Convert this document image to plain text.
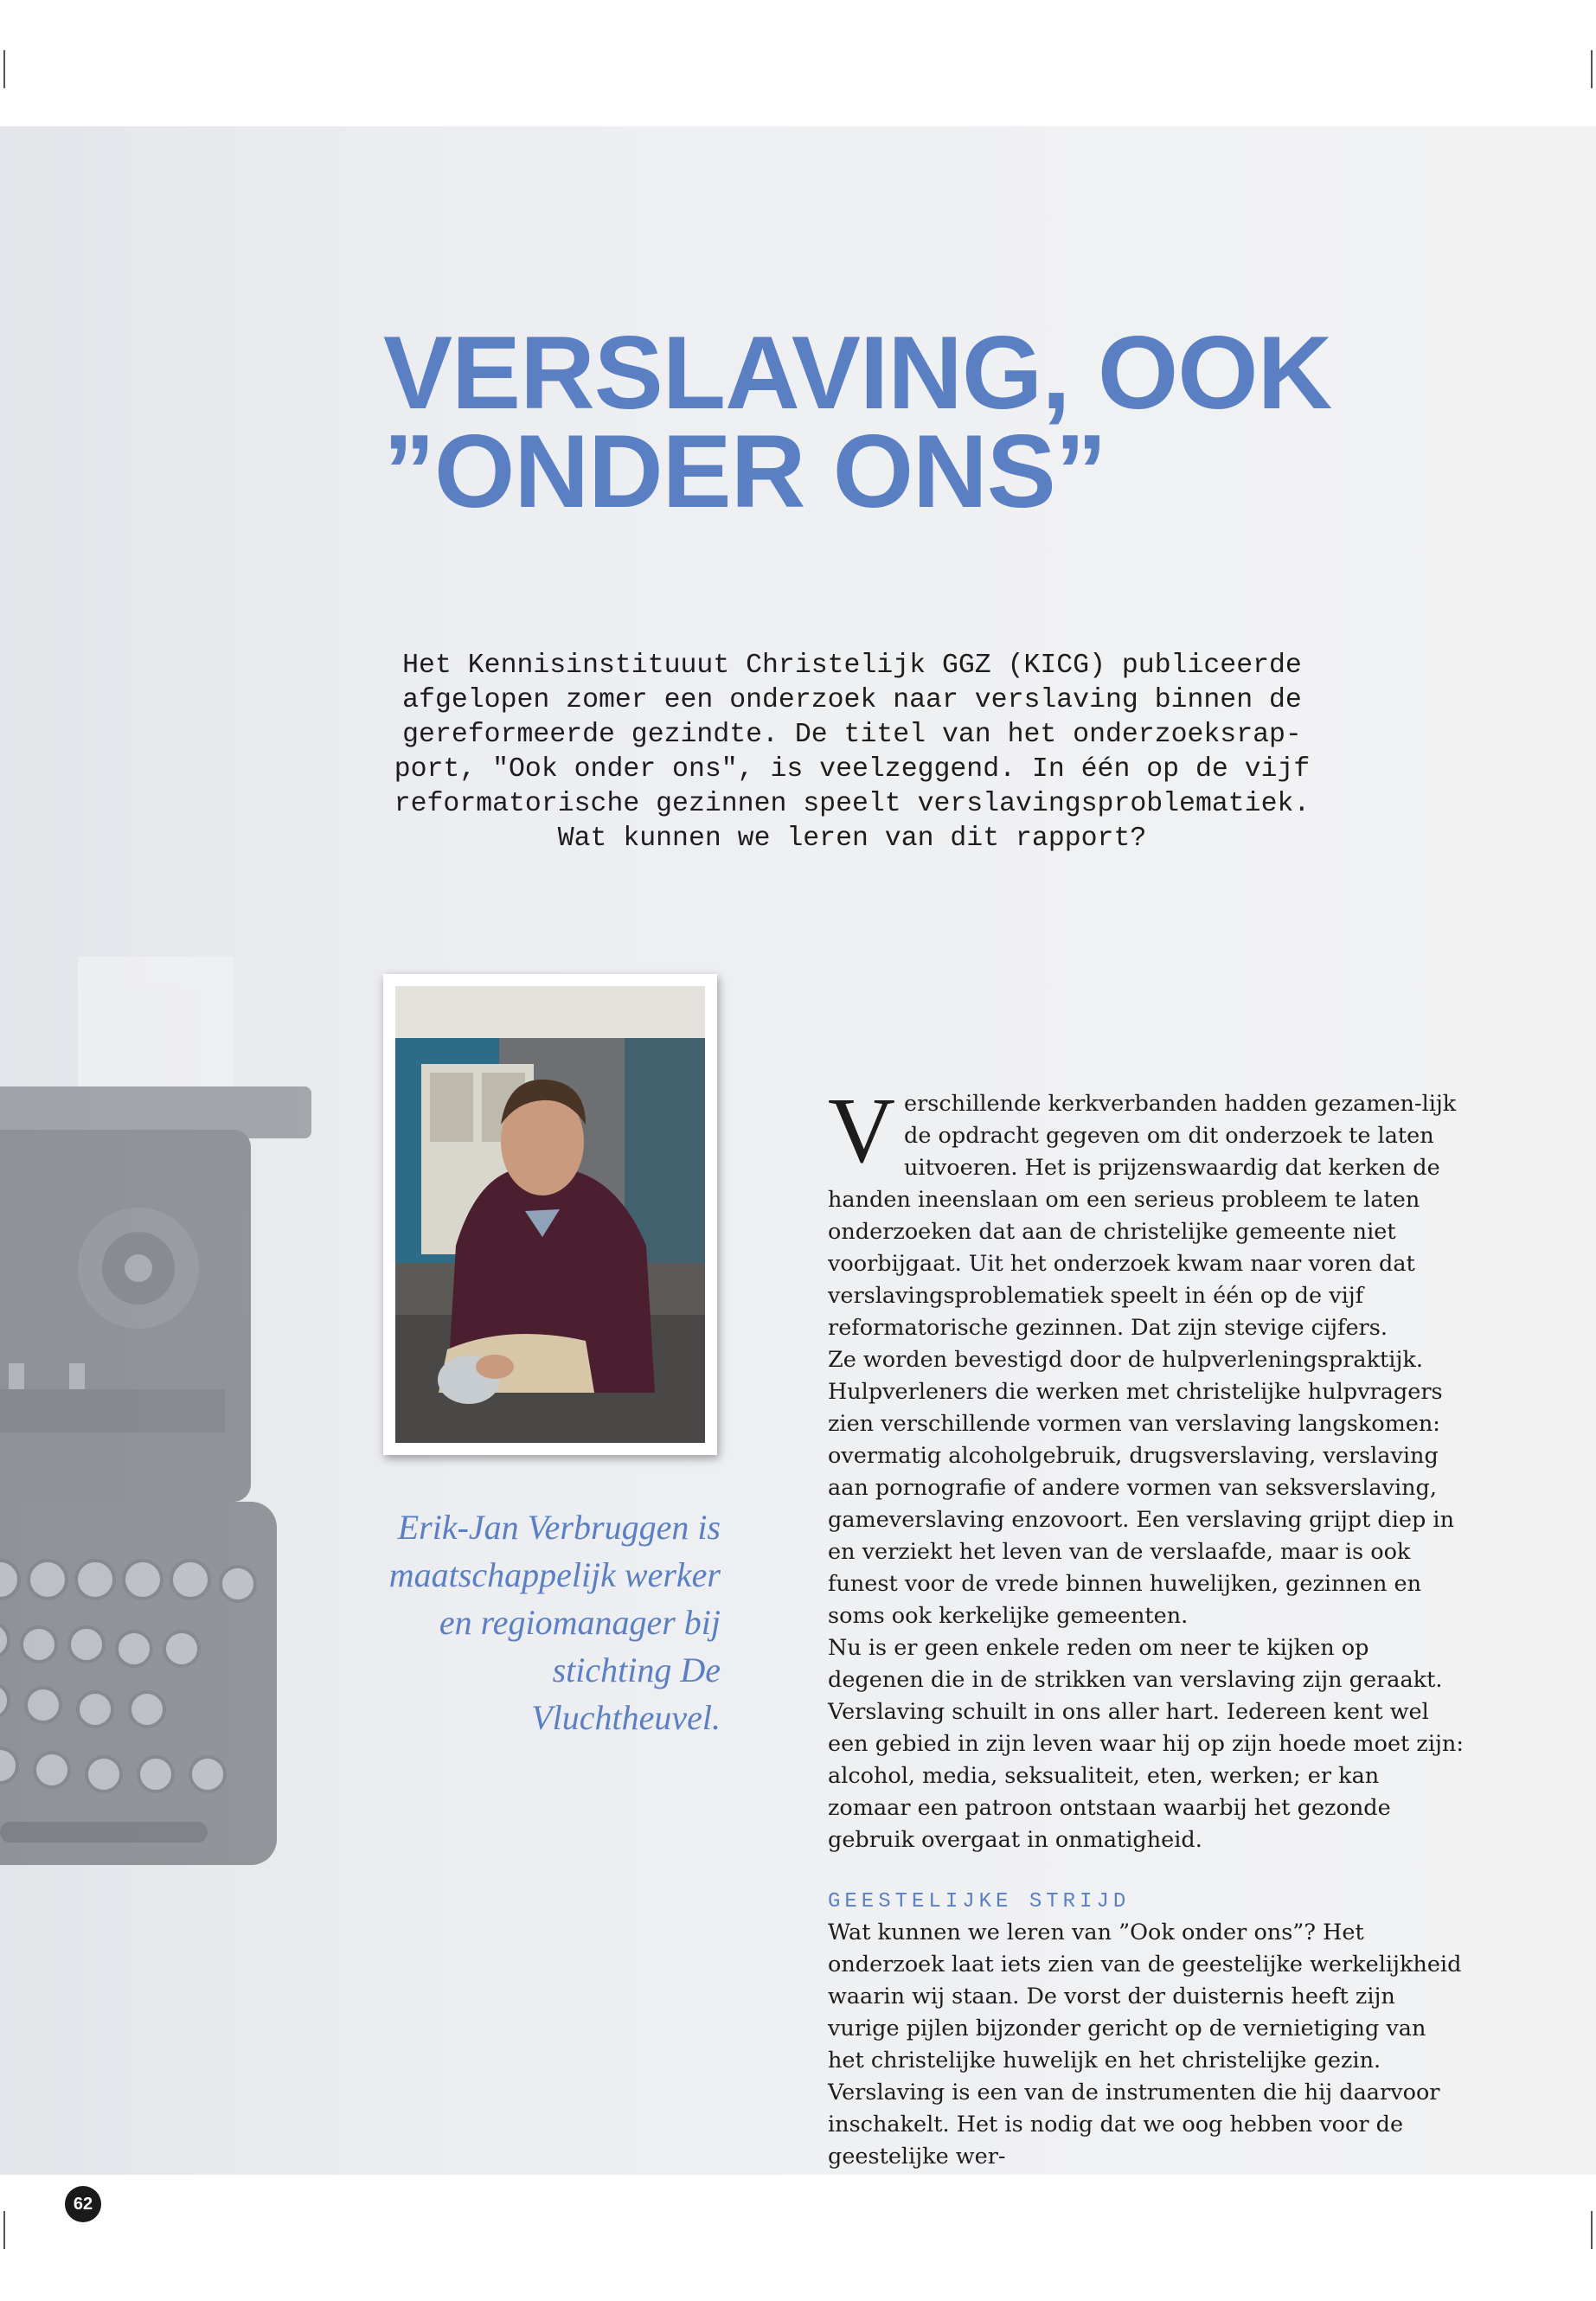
VERSLAVING, OOK
”ONDER ONS”

Het Kennisinstituuut Christelijk GGZ (KICG) publiceerde afgelopen zomer een onderzoek naar verslaving binnen de gereformeerde gezindte. De titel van het onderzoeksrap-port, "Ook onder ons", is veelzeggend. In één op de vijf reformatorische gezinnen speelt verslavingsproblematiek. Wat kunnen we leren van dit rapport?

Erik-Jan Verbruggen is maatschappelijk werker en regiomanager bij stichting De Vluchtheuvel.

Verschillende kerkverbanden hadden gezamen-lijk de opdracht gegeven om dit onderzoek te laten uitvoeren. Het is prijzenswaardig dat kerken de handen ineenslaan om een serieus probleem te laten onderzoeken dat aan de christelijke gemeente niet voorbijgaat. Uit het onderzoek kwam naar voren dat verslavingsproblematiek speelt in één op de vijf reformatorische gezinnen. Dat zijn stevige cijfers.

Ze worden bevestigd door de hulpverleningspraktijk. Hulpverleners die werken met christelijke hulpvragers zien verschillende vormen van verslaving langskomen: overmatig alcoholgebruik, drugsverslaving, verslaving aan pornografie of andere vormen van seksverslaving, gameverslaving enzovoort. Een verslaving grijpt diep in en verziekt het leven van de verslaafde, maar is ook funest voor de vrede binnen huwelijken, gezinnen en soms ook kerkelijke gemeenten.

Nu is er geen enkele reden om neer te kijken op degenen die in de strikken van verslaving zijn geraakt. Verslaving schuilt in ons aller hart. Iedereen kent wel een gebied in zijn leven waar hij op zijn hoede moet zijn: alcohol, media, seksualiteit, eten, werken; er kan zomaar een patroon ontstaan waarbij het gezonde gebruik overgaat in onmatigheid.

GEESTELIJKE STRIJD

Wat kunnen we leren van ”Ook onder ons”? Het onderzoek laat iets zien van de geestelijke werkelijkheid waarin wij staan. De vorst der duisternis heeft zijn vurige pijlen bijzonder gericht op de vernietiging van het christelijke huwelijk en het christelijke gezin. Verslaving is een van de instrumenten die hij daarvoor inschakelt. Het is nodig dat we oog hebben voor de geestelijke wer-

62
